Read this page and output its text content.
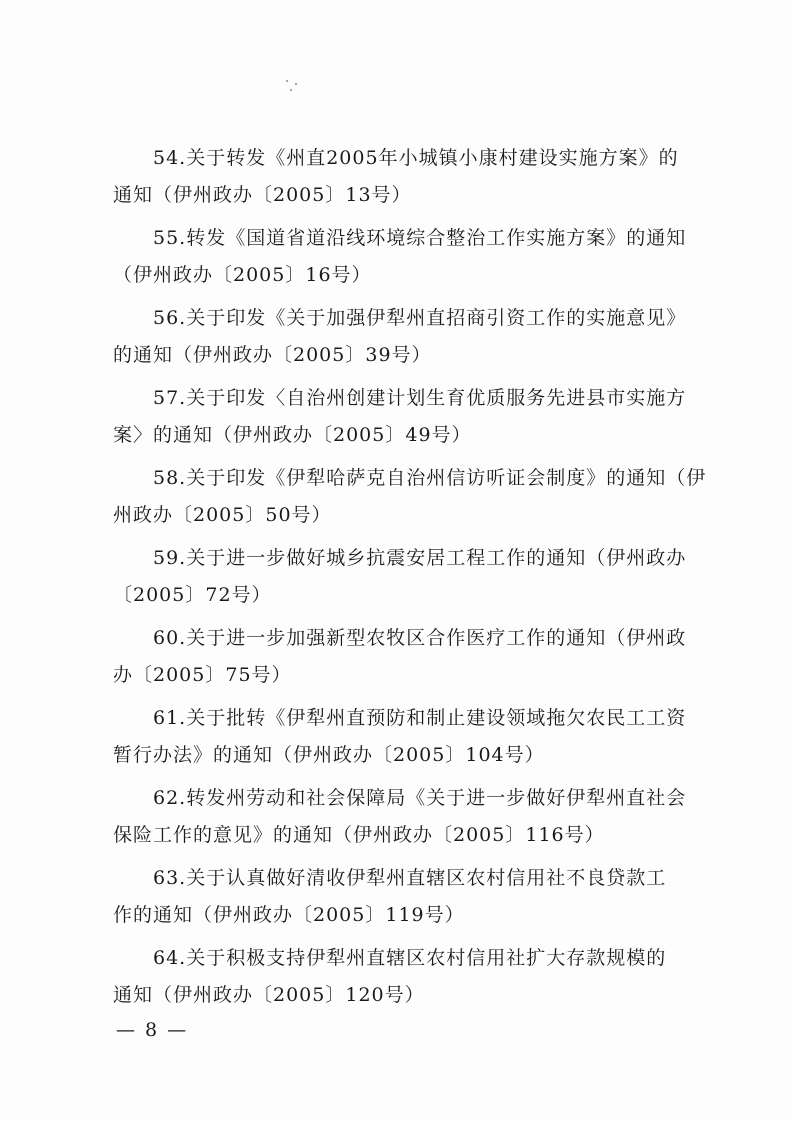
54.关于转发《州直2005年小城镇小康村建设实施方案》的
通知（伊州政办〔2005〕13号）
55.转发《国道省道沿线环境综合整治工作实施方案》的通知
（伊州政办〔2005〕16号）
56.关于印发《关于加强伊犁州直招商引资工作的实施意见》
的通知（伊州政办〔2005〕39号）
57.关于印发〈自治州创建计划生育优质服务先进县市实施方
案〉的通知（伊州政办〔2005〕49号）
58.关于印发《伊犁哈萨克自治州信访听证会制度》的通知（伊
州政办〔2005〕50号）
59.关于进一步做好城乡抗震安居工程工作的通知（伊州政办
〔2005〕72号）
60.关于进一步加强新型农牧区合作医疗工作的通知（伊州政
办〔2005〕75号）
61.关于批转《伊犁州直预防和制止建设领域拖欠农民工工资
暂行办法》的通知（伊州政办〔2005〕104号）
62.转发州劳动和社会保障局《关于进一步做好伊犁州直社会
保险工作的意见》的通知（伊州政办〔2005〕116号）
63.关于认真做好清收伊犁州直辖区农村信用社不良贷款工
作的通知（伊州政办〔2005〕119号）
64.关于积极支持伊犁州直辖区农村信用社扩大存款规模的
通知（伊州政办〔2005〕120号）
— 8 —
